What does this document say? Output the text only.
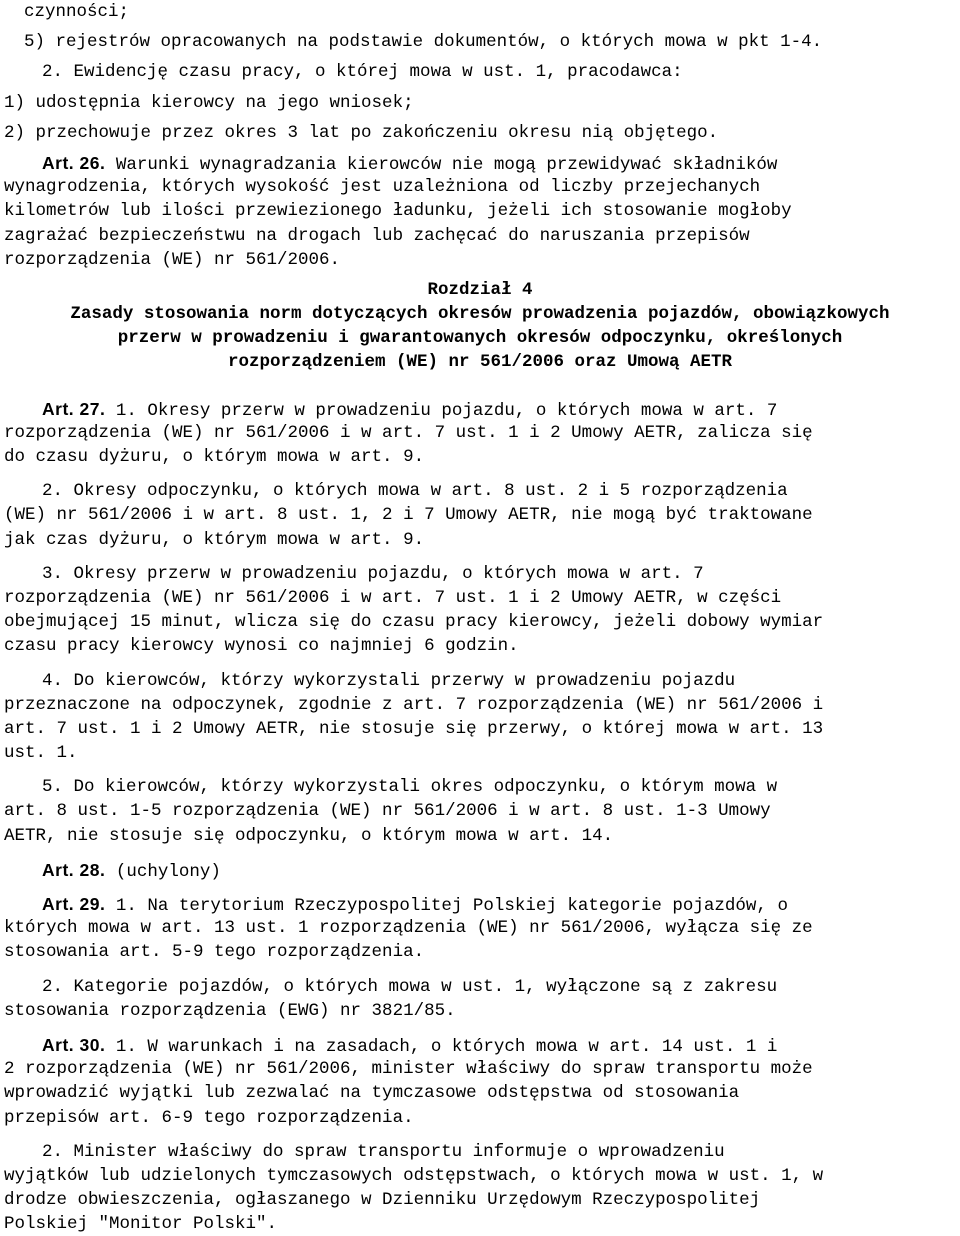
czynności;
5) rejestrów opracowanych na podstawie dokumentów, o których mowa w pkt 1-4.
2. Ewidencję czasu pracy, o której mowa w ust. 1, pracodawca:
1) udostępnia kierowcy na jego wniosek;
2) przechowuje przez okres 3 lat po zakończeniu okresu nią objętego.
Art. 26. Warunki wynagradzania kierowców nie mogą przewidywać składników
wynagrodzenia, których wysokość jest uzależniona od liczby przejechanych
kilometrów lub ilości przewiezionego ładunku, jeżeli ich stosowanie mogłoby
zagrażać bezpieczeństwu na drogach lub zachęcać do naruszania przepisów
rozporządzenia (WE) nr 561/2006.
Rozdział 4
Zasady stosowania norm dotyczących okresów prowadzenia pojazdów, obowiązkowych
przerw w prowadzeniu i gwarantowanych okresów odpoczynku, określonych
rozporządzeniem (WE) nr 561/2006 oraz Umową AETR
Art. 27. 1. Okresy przerw w prowadzeniu pojazdu, o których mowa w art. 7
rozporządzenia (WE) nr 561/2006 i w art. 7 ust. 1 i 2 Umowy AETR, zalicza się
do czasu dyżuru, o którym mowa w art. 9.
2. Okresy odpoczynku, o których mowa w art. 8 ust. 2 i 5 rozporządzenia
(WE) nr 561/2006 i w art. 8 ust. 1, 2 i 7 Umowy AETR, nie mogą być traktowane
jak czas dyżuru, o którym mowa w art. 9.
3. Okresy przerw w prowadzeniu pojazdu, o których mowa w art. 7
rozporządzenia (WE) nr 561/2006 i w art. 7 ust. 1 i 2 Umowy AETR, w części
obejmującej 15 minut, wlicza się do czasu pracy kierowcy, jeżeli dobowy wymiar
czasu pracy kierowcy wynosi co najmniej 6 godzin.
4. Do kierowców, którzy wykorzystali przerwy w prowadzeniu pojazdu
przeznaczone na odpoczynek, zgodnie z art. 7 rozporządzenia (WE) nr 561/2006 i
art. 7 ust. 1 i 2 Umowy AETR, nie stosuje się przerwy, o której mowa w art. 13
ust. 1.
5. Do kierowców, którzy wykorzystali okres odpoczynku, o którym mowa w
art. 8 ust. 1-5 rozporządzenia (WE) nr 561/2006 i w art. 8 ust. 1-3 Umowy
AETR, nie stosuje się odpoczynku, o którym mowa w art. 14.
Art. 28. (uchylony)
Art. 29. 1. Na terytorium Rzeczypospolitej Polskiej kategorie pojazdów, o
których mowa w art. 13 ust. 1 rozporządzenia (WE) nr 561/2006, wyłącza się ze
stosowania art. 5-9 tego rozporządzenia.
2. Kategorie pojazdów, o których mowa w ust. 1, wyłączone są z zakresu
stosowania rozporządzenia (EWG) nr 3821/85.
Art. 30. 1. W warunkach i na zasadach, o których mowa w art. 14 ust. 1 i
2 rozporządzenia (WE) nr 561/2006, minister właściwy do spraw transportu może
wprowadzić wyjątki lub zezwalać na tymczasowe odstępstwa od stosowania
przepisów art. 6-9 tego rozporządzenia.
2. Minister właściwy do spraw transportu informuje o wprowadzeniu
wyjątków lub udzielonych tymczasowych odstępstwach, o których mowa w ust. 1, w
drodze obwieszczenia, ogłaszanego w Dzienniku Urzędowym Rzeczypospolitej
Polskiej "Monitor Polski".
